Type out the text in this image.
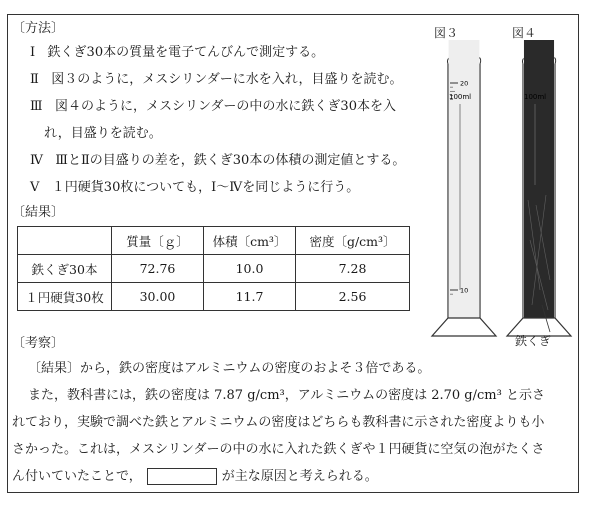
〔方法〕
Ⅰ 鉄くぎ30本の質量を電子てんびんで測定する。
Ⅱ 図３のように，メスシリンダーに水を入れ，目盛りを読む。
Ⅲ 図４のように，メスシリンダーの中の水に鉄くぎ30本を入
れ，目盛りを読む。
Ⅳ ⅢとⅡの目盛りの差を，鉄くぎ30本の体積の測定値とする。
Ⅴ １円硬貨30枚についても，Ⅰ～Ⅳを同じように行う。
〔結果〕
	質量〔ｇ〕	体積〔cm³〕	密度〔g/cm³〕
鉄くぎ30本	72.76	10.0	7.28
１円硬貨30枚	30.00	11.7	2.56
図３	図４
20
10
100ml	100ml
鉄くぎ
〔考察〕
〔結果〕から，鉄の密度はアルミニウムの密度のおよそ３倍である。
また，教科書には，鉄の密度は 7.87 g/cm³，アルミニウムの密度は 2.70 g/cm³ と示さ
れており，実験で調べた鉄とアルミニウムの密度はどちらも教科書に示された密度よりも小
さかった。これは，メスシリンダーの中の水に入れた鉄くぎや１円硬貨に空気の泡がたくさ
ん付いていたことで，	が主な原因と考えられる。
